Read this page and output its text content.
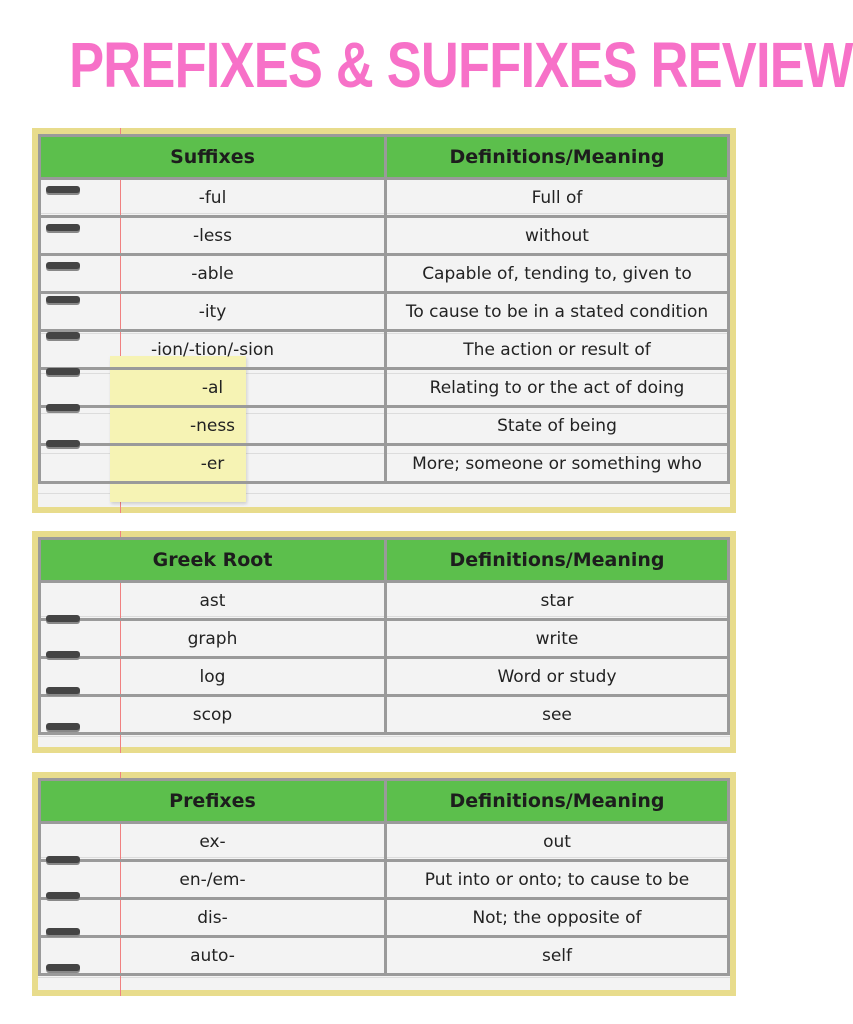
PREFIXES & SUFFIXES REVIEW
Suffixes	Definitions/Meaning
-ful	Full of
-less	without
-able	Capable of, tending to, given to
-ity	To cause to be in a stated condition
-ion/-tion/-sion	The action or result of
-al	Relating to or the act of doing
-ness	State of being
-er	More; someone or something who
Greek Root	Definitions/Meaning
ast	star
graph	write
log	Word or study
scop	see
Prefixes	Definitions/Meaning
ex-	out
en-/em-	Put into or onto; to cause to be
dis-	Not; the opposite of
auto-	self
